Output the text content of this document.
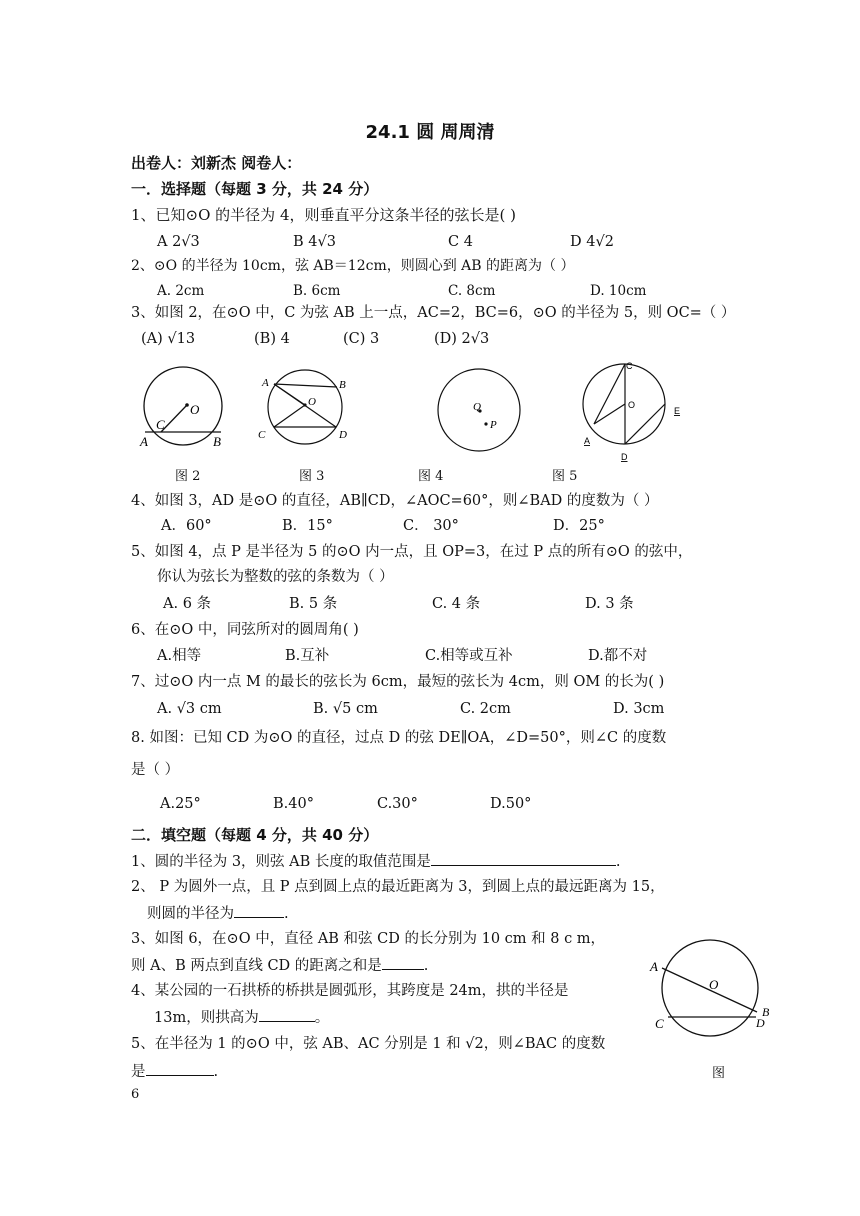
24.1 圆 周周清
出卷人：刘新杰 阅卷人：
一．选择题（每题 3 分，共 24 分）
1、已知⊙O 的半径为 4，则垂直平分这条半径的弦长是( )
A 2√3	B 4√3	C 4	D 4√2
2、⊙O 的半径为 10cm，弦 AB＝12cm，则圆心到 AB 的距离为（ ）
A. 2cm	B. 6cm	C. 8cm	D. 10cm
3、如图 2，在⊙O 中，C 为弦 AB 上一点，AC=2，BC=6，⊙O 的半径为 5，则 OC=（ ）
(A) √13	(B) 4	(C) 3	(D) 2√3
C
O
A	B
A	B
O
C	D
Q
P
C
O
E
A
D
图 2	图 3	图 4	图 5
4、如图 3，AD 是⊙O 的直径，AB∥CD，∠AOC=60°，则∠BAD 的度数为（ ）
A．60°	B．15°	C． 30°	D．25°
5、如图 4，点 P 是半径为 5 的⊙O 内一点，且 OP=3，在过 P 点的所有⊙O 的弦中，
你认为弦长为整数的弦的条数为（ ）
A. 6 条	B. 5 条	C. 4 条	D. 3 条
6、在⊙O 中，同弦所对的圆周角( )
A.相等	B.互补	C.相等或互补	D.都不对
7、过⊙O 内一点 M 的最长的弦长为 6cm，最短的弦长为 4cm，则 OM 的长为( )
A. √3 cm	B. √5 cm	C. 2cm	D. 3cm
8. 如图：已知 CD 为⊙O 的直径，过点 D 的弦 DE∥OA，∠D=50°，则∠C 的度数
是（ ）
A.25°	B.40°	C.30°	D.50°
二．填空题（每题 4 分，共 40 分）
1、圆的半径为 3，则弦 AB 长度的取值范围是	.
2、 P 为圆外一点，且 P 点到圆上点的最近距离为 3，到圆上点的最远距离为 15，
则圆的半径为	.
3、如图 6，在⊙O 中，直径 AB 和弦 CD 的长分别为 10 cm 和 8 c m，
则 A、B 两点到直线 CD 的距离之和是	.
4、某公园的一石拱桥的桥拱是圆弧形，其跨度是 24m，拱的半径是
13m，则拱高为	。
5、在半径为 1 的⊙O 中，弦 AB、AC 分别是 1 和 √2，则∠BAC 的度数
是	.
A
O
B
C	D
图
6
